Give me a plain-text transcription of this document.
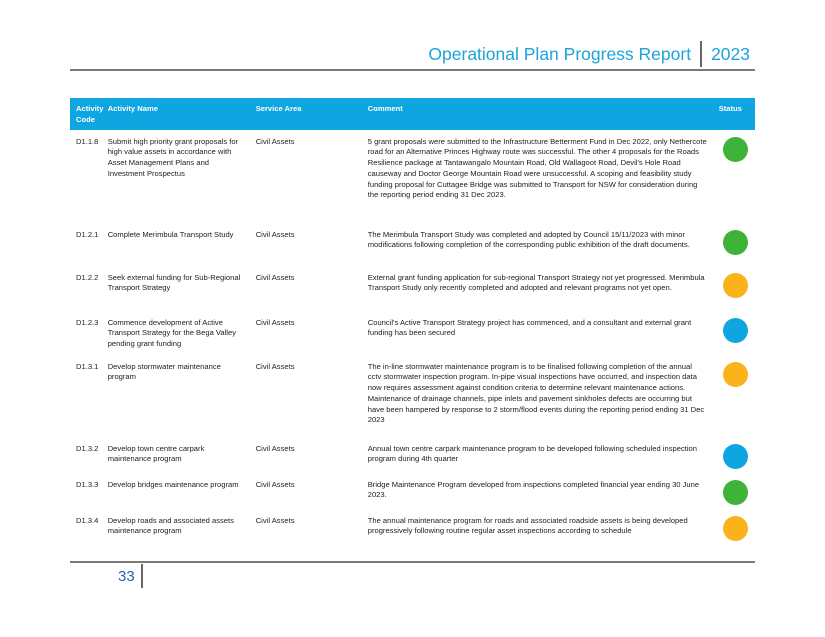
Operational Plan Progress Report 2023
Activity Code	Activity Name	Service Area	Comment	Status
D1.1.8	Submit high priority grant proposals for high value assets in accordance with Asset Management Plans and Investment Prospectus	Civil Assets	5 grant proposals were submitted to the Infrastructure Betterment Fund in Dec 2022, only Nethercote road for an Alternative Princes Highway route was successful. The other 4 proposals for the Roads Resilience package at Tantawangalo Mountain Road, Old Wallagoot Road, Devil's Hole Road causeway and Doctor George Mountain Road were unsuccessful. A scoping and feasibility study funding proposal for Cuttagee Bridge was submitted to Transport for NSW for consideration during the reporting period ending 31 Dec 2023.	

D1.2.1	Complete Merimbula Transport Study	Civil Assets	The Merimbula Transport Study was completed and adopted by Council 15/11/2023 with minor modifications following completion of the corresponding public exhibition of the draft documents.	

D1.2.2	Seek external funding for Sub-Regional Transport Strategy	Civil Assets	External grant funding application for sub-regional Transport Strategy not yet progressed. Merimbula Transport Study only recently completed and adopted and relevant programs not yet open.	

D1.2.3	Commence development of Active Transport Strategy for the Bega Valley pending grant funding	Civil Assets	Council's Active Transport Strategy project has commenced, and a consultant and external grant funding has been secured	

D1.3.1	Develop stormwater maintenance program	Civil Assets	The in-line stormwater maintenance program is to be finalised following completion of the annual cctv stormwater inspection program. In-pipe visual inspections have occurred, and inspection data now requires assessment against condition criteria to determine relevant maintenance actions. Maintenance of drainage channels, pipe inlets and pavement sinkholes defects are occurring but have been hampered by response to 2 storm/flood events during the reporting period ending 31 Dec 2023	

D1.3.2	Develop town centre carpark maintenance program	Civil Assets	Annual town centre carpark maintenance program to be developed following scheduled inspection program during 4th quarter	

D1.3.3	Develop bridges maintenance program	Civil Assets	Bridge Maintenance Program developed from inspections completed financial year ending 30 June 2023.	

D1.3.4	Develop roads and associated assets maintenance program	Civil Assets	The annual maintenance program for roads and associated roadside assets is being developed progressively following routine regular asset inspections according to schedule	
33
